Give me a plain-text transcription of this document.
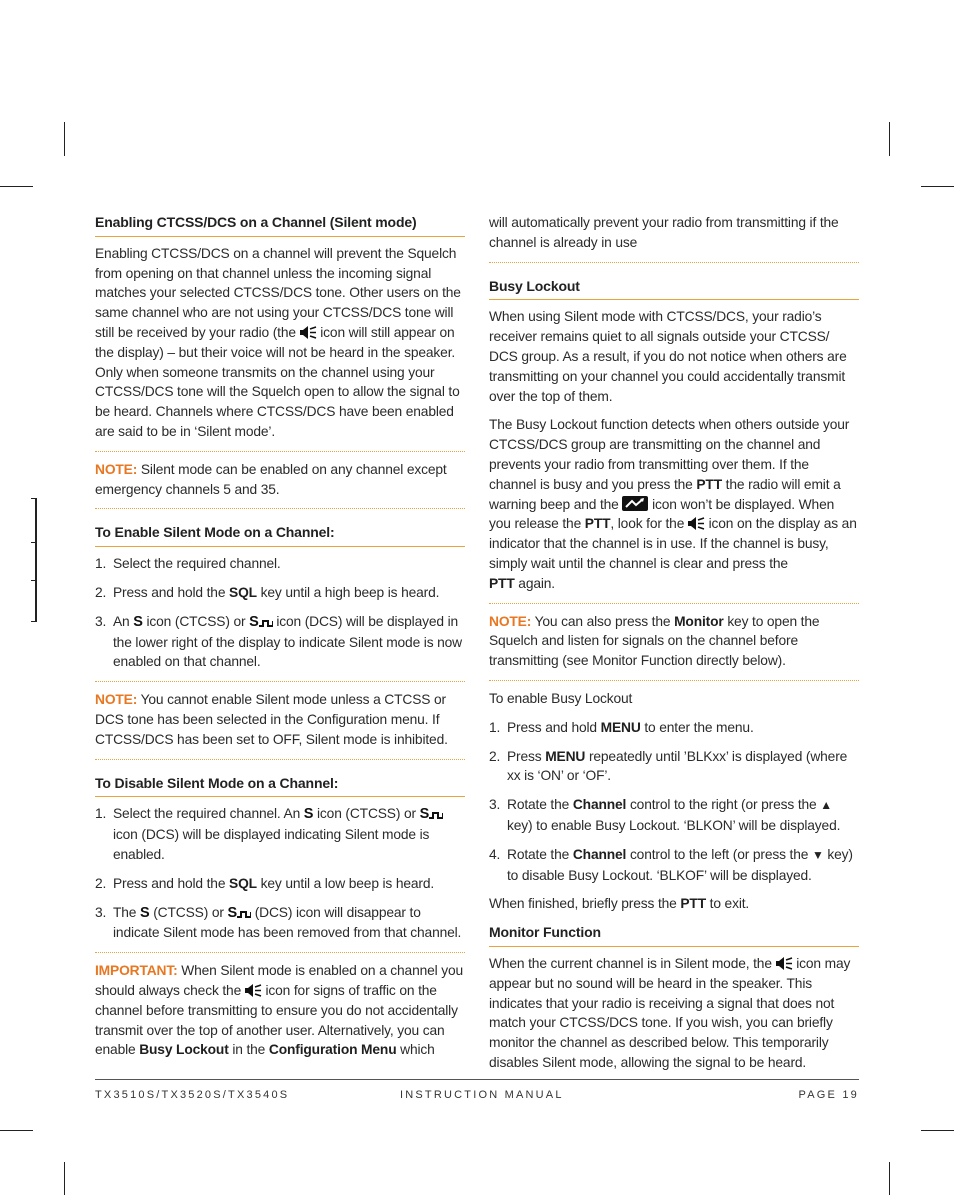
Enabling CTCSS/DCS on a Channel (Silent mode)
Enabling CTCSS/DCS on a channel will prevent the Squelch from opening on that channel unless the incoming signal matches your selected CTCSS/DCS tone. Other users on the same channel who are not using your CTCSS/DCS tone will still be received by your radio (the icon will still appear on the display) – but their voice will not be heard in the speaker. Only when someone transmits on the channel using your CTCSS/DCS tone will the Squelch open to allow the signal to be heard. Channels where CTCSS/DCS have been enabled are said to be in ‘Silent mode’.
NOTE: Silent mode can be enabled on any channel except emergency channels 5 and 35.
To Enable Silent Mode on a Channel:
1. Select the required channel.
2. Press and hold the SQL key until a high beep is heard.
3. An S icon (CTCSS) or S icon (DCS) will be displayed in the lower right of the display to indicate Silent mode is now enabled on that channel.
NOTE: You cannot enable Silent mode unless a CTCSS or DCS tone has been selected in the Configuration menu. If CTCSS/DCS has been set to OFF, Silent mode is inhibited.
To Disable Silent Mode on a Channel:
1. Select the required channel. An S icon (CTCSS) or S icon (DCS) will be displayed indicating Silent mode is enabled.
2. Press and hold the SQL key until a low beep is heard.
3. The S (CTCSS) or S (DCS) icon will disappear to indicate Silent mode has been removed from that channel.
IMPORTANT: When Silent mode is enabled on a channel you should always check the icon for signs of traffic on the channel before transmitting to ensure you do not accidentally transmit over the top of another user. Alternatively, you can enable Busy Lockout in the Configuration Menu which
will automatically prevent your radio from transmitting if the channel is already in use
Busy Lockout
When using Silent mode with CTCSS/DCS, your radio’s receiver remains quiet to all signals outside your CTCSS/ DCS group. As a result, if you do not notice when others are transmitting on your channel you could accidentally transmit over the top of them.
The Busy Lockout function detects when others outside your CTCSS/DCS group are transmitting on the channel and prevents your radio from transmitting over them. If the channel is busy and you press the PTT the radio will emit a warning beep and the icon won’t be displayed. When you release the PTT, look for the icon on the display as an indicator that the channel is in use. If the channel is busy, simply wait until the channel is clear and press the
PTT again.
NOTE: You can also press the Monitor key to open the Squelch and listen for signals on the channel before transmitting (see Monitor Function directly below).
To enable Busy Lockout
1. Press and hold MENU to enter the menu.
2. Press MENU repeatedly until ’BLKxx’ is displayed (where xx is ‘ON’ or ‘OF’.
3. Rotate the Channel control to the right (or press the ▲ key) to enable Busy Lockout. ‘BLKON’ will be displayed.
4. Rotate the Channel control to the left (or press the ▼ key) to disable Busy Lockout. ‘BLKOF’ will be displayed.
When finished, briefly press the PTT to exit.
Monitor Function
When the current channel is in Silent mode, the icon may appear but no sound will be heard in the speaker. This indicates that your radio is receiving a signal that does not match your CTCSS/DCS tone. If you wish, you can briefly monitor the channel as described below. This temporarily disables Silent mode, allowing the signal to be heard.
TX3510S/TX3520S/TX3540S	INSTRUCTION MANUAL	PAGE 19
